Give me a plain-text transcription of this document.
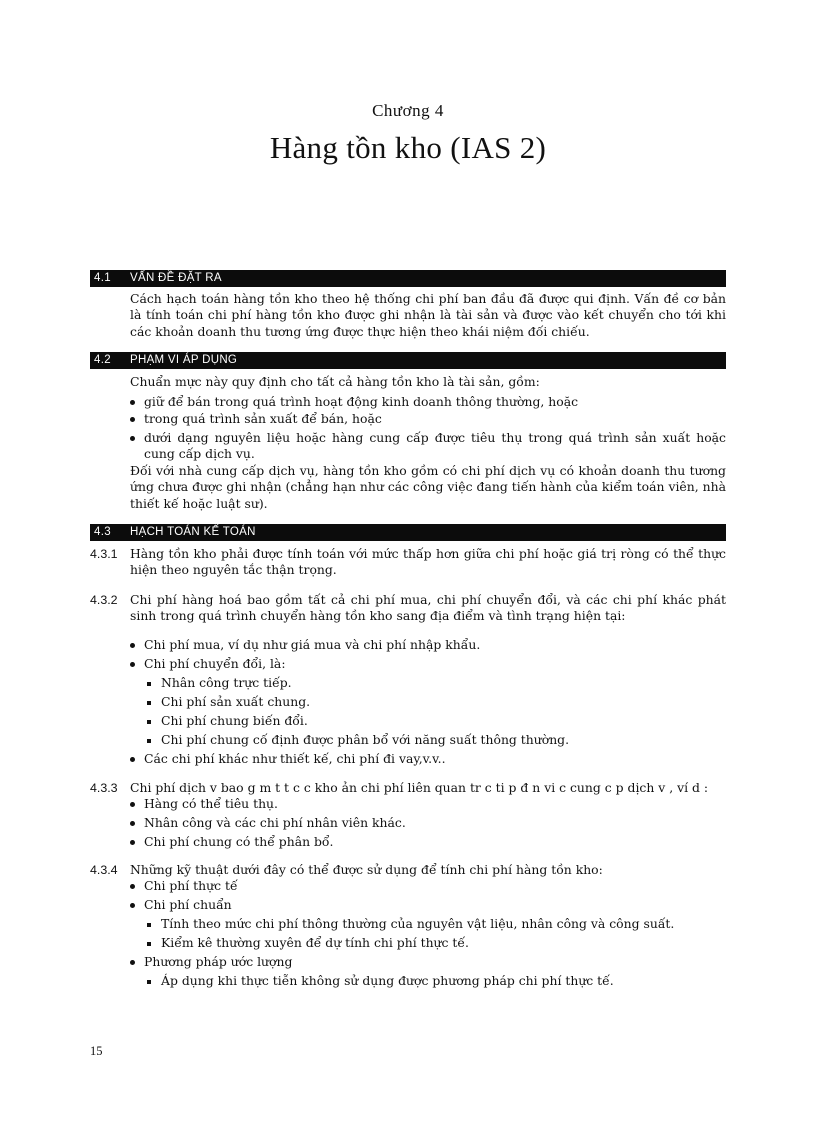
Chương 4
Hàng tồn kho (IAS 2)
4.1 VẤN ĐỀ ĐẶT RA
Cách hạch toán hàng tồn kho theo hệ thống chi phí ban đầu đã được qui định. Vấn đề cơ bản là tính toán chi phí hàng tồn kho được ghi nhận là tài sản và được vào kết chuyển cho tới khi các khoản doanh thu tương ứng được thực hiện theo khái niệm đối chiếu.
4.2 PHẠM VI ÁP DỤNG
Chuẩn mực này quy định cho tất cả hàng tồn kho là tài sản, gồm:
giữ để bán trong quá trình hoạt động kinh doanh thông thường, hoặc
trong quá trình sản xuất để bán, hoặc
dưới dạng nguyên liệu hoặc hàng cung cấp được tiêu thụ trong quá trình sản xuất hoặc cung cấp dịch vụ.
Đối với nhà cung cấp dịch vụ, hàng tồn kho gồm có chi phí dịch vụ có khoản doanh thu tương ứng chưa được ghi nhận (chẳng hạn như các công việc đang tiến hành của kiểm toán viên, nhà thiết kế hoặc luật sư).
4.3 HẠCH TOÁN KẾ TOÁN
4.3.1 Hàng tồn kho phải được tính toán với mức thấp hơn giữa chi phí hoặc giá trị ròng có thể thực hiện theo nguyên tắc thận trọng.
4.3.2 Chi phí hàng hoá bao gồm tất cả chi phí mua, chi phí chuyển đổi, và các chi phí khác phát sinh trong quá trình chuyển hàng tồn kho sang địa điểm và tình trạng hiện tại:
Chi phí mua, ví dụ như giá mua và chi phí nhập khẩu.
Chi phí chuyển đổi, là:
Nhân công trực tiếp.
Chi phí sản xuất chung.
Chi phí chung biến đổi.
Chi phí chung cố định được phân bổ với năng suất thông thường.
Các chi phí khác như thiết kế, chi phí đi vay,v.v..
4.3.3 Chi phí dịch v bao g m t t c c kho ản chi phí liên quan tr c ti p đ n vi c cung c p dịch v , ví d :
Hàng có thể tiêu thụ.
Nhân công và các chi phí nhân viên khác.
Chi phí chung có thể phân bổ.
4.3.4 Những kỹ thuật dưới đây có thể được sử dụng để tính chi phí hàng tồn kho:
Chi phí thực tế
Chi phí chuẩn
Tính theo mức chi phí thông thường của nguyên vật liệu, nhân công và công suất.
Kiểm kê thường xuyên để dự tính chi phí thực tế.
Phương pháp ước lượng
Áp dụng khi thực tiễn không sử dụng được phương pháp chi phí thực tế.
15
